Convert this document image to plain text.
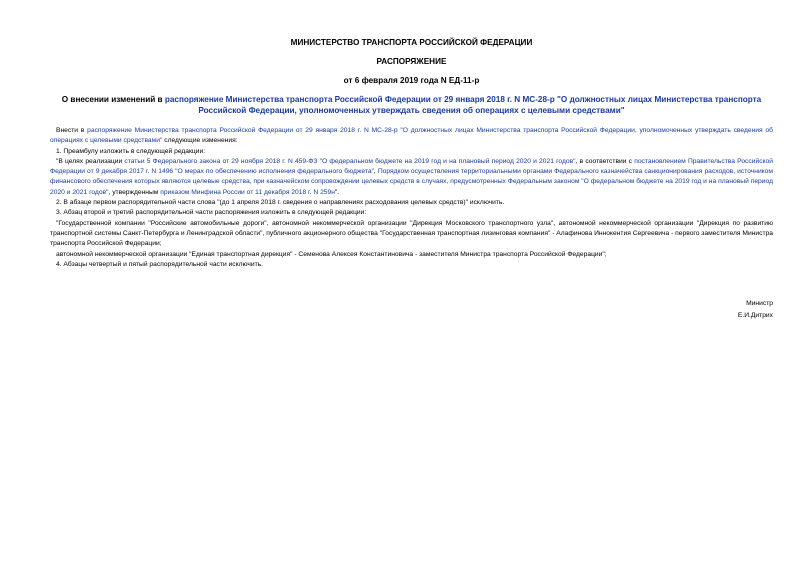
МИНИСТЕРСТВО ТРАНСПОРТА РОССИЙСКОЙ ФЕДЕРАЦИИ
РАСПОРЯЖЕНИЕ
от 6 февраля 2019 года N ЕД-11-р
О внесении изменений в распоряжение Министерства транспорта Российской Федерации от 29 января 2018 г. N МС-28-р "О должностных лицах Министерства транспорта Российской Федерации, уполномоченных утверждать сведения об операциях с целевыми средствами"

Внести в распоряжение Министерства транспорта Российской Федерации от 29 января 2018 г. N МС-28-р "О должностных лицах Министерства транспорта Российской Федерации, уполномоченных утверждать сведения об операциях с целевыми средствами" следующие изменения:

1. Преамбулу изложить в следующей редакции:

"В целях реализации статьи 5 Федерального закона от 29 ноября 2018 г. N 459-ФЗ "О федеральном бюджете на 2019 год и на плановый период 2020 и 2021 годов", в соответствии с постановлением Правительства Российской Федерации от 9 декабря 2017 г. N 1496 "О мерах по обеспечению исполнения федерального бюджета", Порядком осуществления территориальными органами Федерального казначейства санкционирования расходов, источником финансового обеспечения которых являются целевые средства, при казначейском сопровождении целевых средств в случаях, предусмотренных Федеральным законом "О федеральном бюджете на 2019 год и на плановый период 2020 и 2021 годов", утвержденным приказом Минфина России от 11 декабря 2018 г. N 259н".

2. В абзаце первом распорядительной части слова "(до 1 апреля 2018 г. сведения о направлениях расходования целевых средств)" исключить.

3. Абзац второй и третий распорядительной части распоряжения изложить в следующей редакции:

"Государственной компании "Российские автомобильные дороги", автономной некоммерческой организации "Дирекция Московского транспортного узла", автономной некоммерческой организации "Дирекция по развитию транспортной системы Санкт-Петербурга и Ленинградской области", публичного акционерного общества "Государственная транспортная лизинговая компания" - Алафинова Иннокентия Сергеевича - первого заместителя Министра транспорта Российской Федерации;

автономной некоммерческой организации "Единая транспортная дирекция" - Семенова Алексея Константиновича - заместителя Министра транспорта Российской Федерации";

4. Абзацы четвертый и пятый распорядительной части исключить.

Министр
Е.И.Дитрих
